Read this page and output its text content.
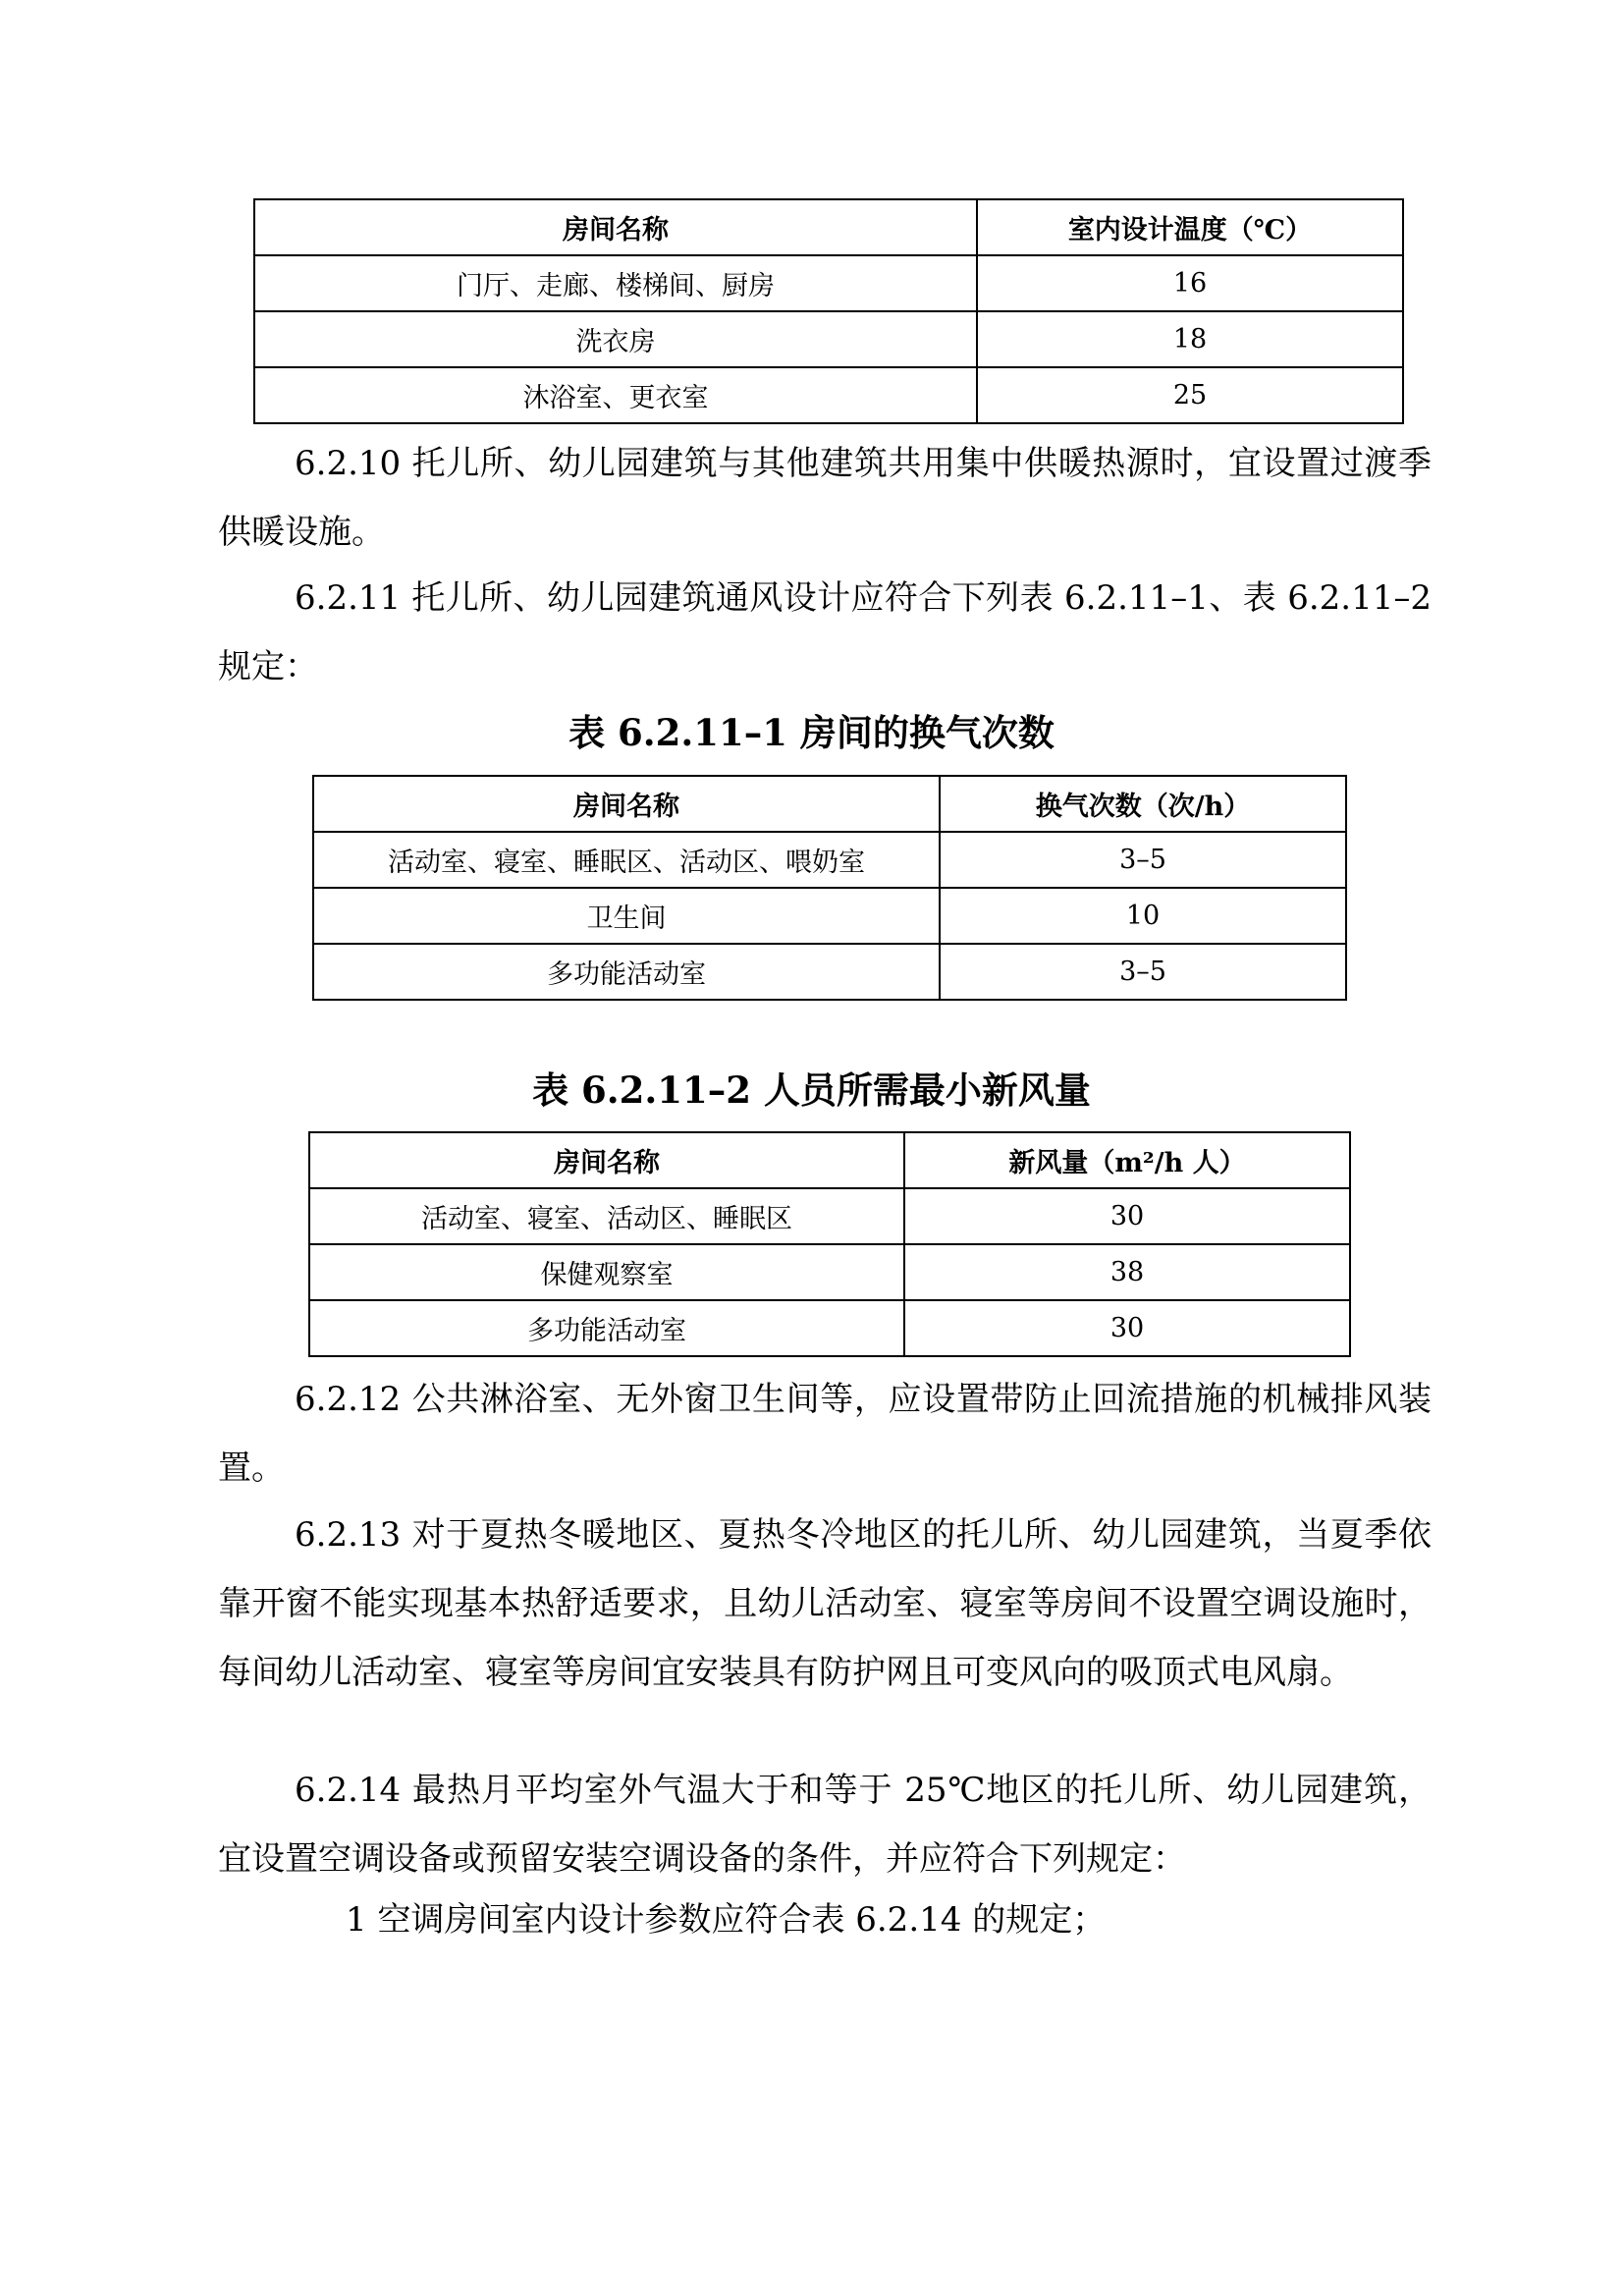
房间名称	室内设计温度（℃）
门厅、走廊、楼梯间、厨房	16
洗衣房	18
沐浴室、更衣室	25

6.2.10 托儿所、幼儿园建筑与其他建筑共用集中供暖热源时，宜设置过渡季供暖设施。

6.2.11 托儿所、幼儿园建筑通风设计应符合下列表 6.2.11–1、表 6.2.11–2 规定：

表 6.2.11–1 房间的换气次数
房间名称	换气次数（次/h）
活动室、寝室、睡眠区、活动区、喂奶室	3–5
卫生间	10
多功能活动室	3–5
表 6.2.11–2 人员所需最小新风量
房间名称	新风量（m²/h 人）
活动室、寝室、活动区、睡眠区	30
保健观察室	38
多功能活动室	30

6.2.12 公共淋浴室、无外窗卫生间等，应设置带防止回流措施的机械排风装置。

6.2.13 对于夏热冬暖地区、夏热冬冷地区的托儿所、幼儿园建筑，当夏季依靠开窗不能实现基本热舒适要求，且幼儿活动室、寝室等房间不设置空调设施时，每间幼儿活动室、寝室等房间宜安装具有防护网且可变风向的吸顶式电风扇。

6.2.14 最热月平均室外气温大于和等于 25℃地区的托儿所、幼儿园建筑，宜设置空调设备或预留安装空调设备的条件，并应符合下列规定：

1 空调房间室内设计参数应符合表 6.2.14 的规定；
